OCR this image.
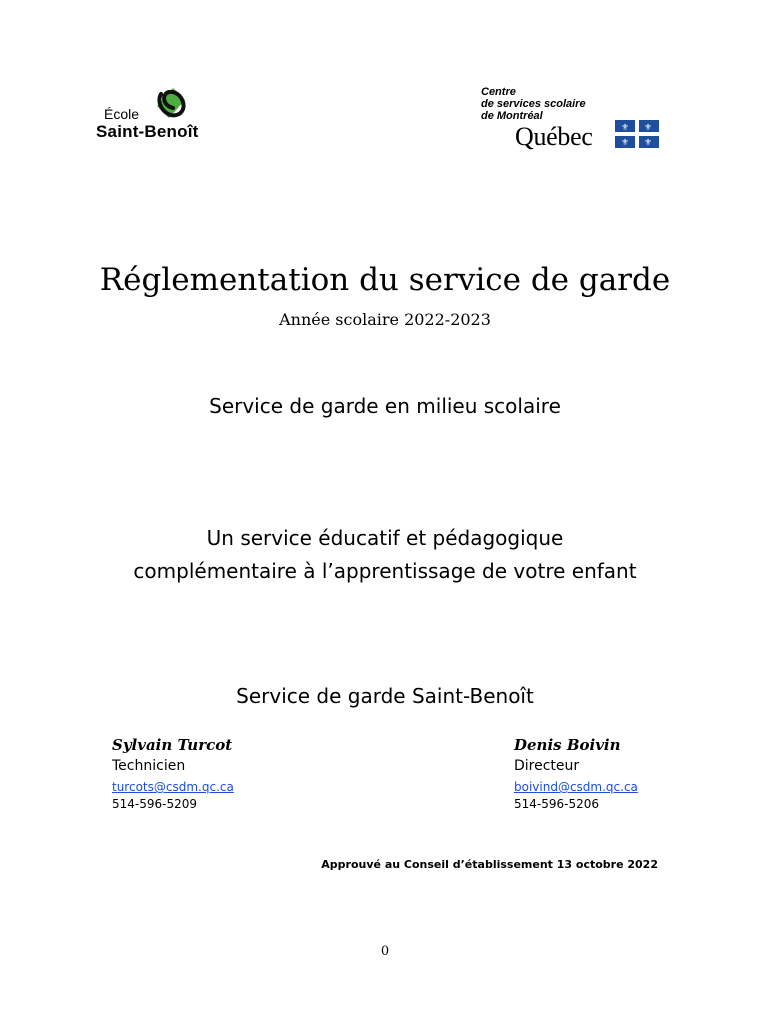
École
Saint-Benoît
Centre
de services scolaire
de Montréal
Québec	⚜ ⚜
⚜ ⚜
Réglementation du service de garde
Année scolaire 2022-2023
Service de garde en milieu scolaire
Un service éducatif et pédagogique
complémentaire à l’apprentissage de votre enfant
Service de garde Saint-Benoît
Sylvain Turcot
Technicien
turcots@csdm.qc.ca
514-596-5209
Denis Boivin
Directeur
boivind@csdm.qc.ca
514-596-5206
Approuvé au Conseil d’établissement 13 octobre 2022
0
